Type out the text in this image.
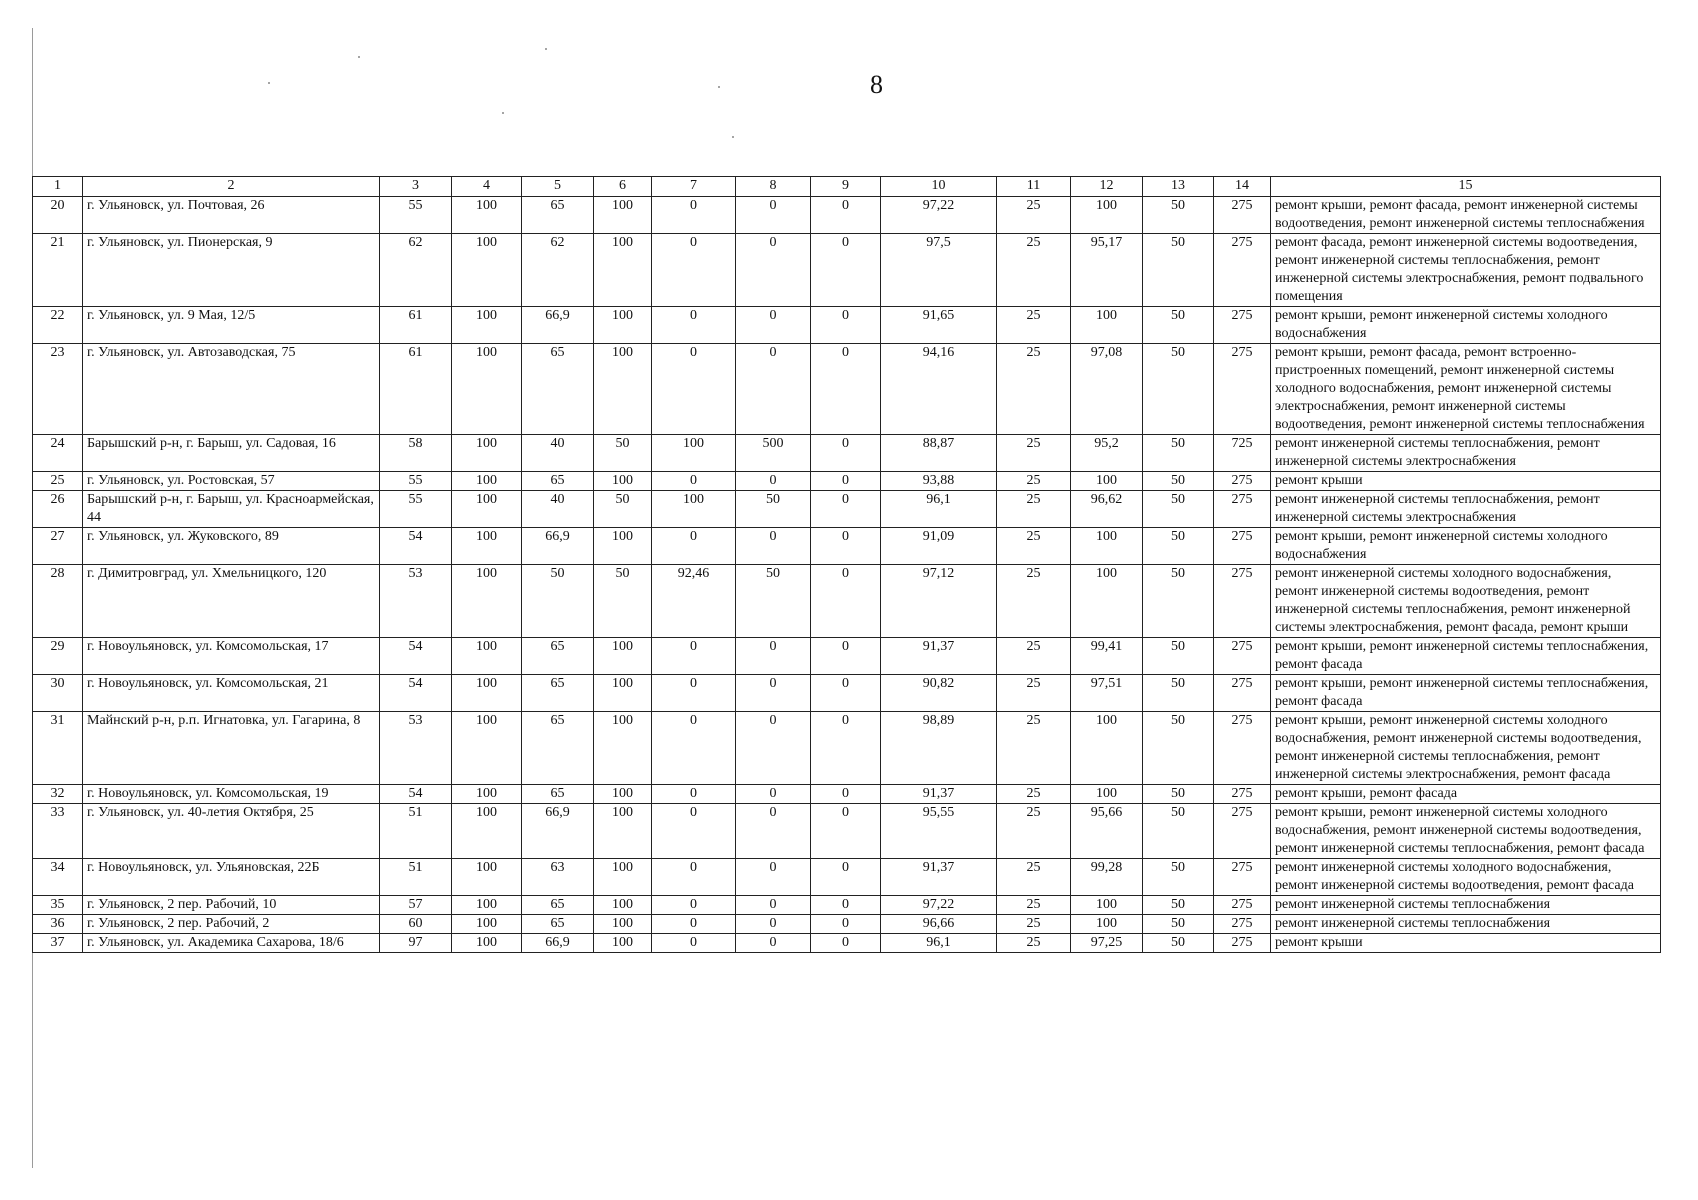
8
1	2	3	4	5	6	7	8	9	10	11	12	13	14	15
20	г. Ульяновск, ул. Почтовая, 26	55	100	65	100	0	0	0	97,22	25	100	50	275	ремонт крыши, ремонт фасада, ремонт инженерной системы водоотведения, ремонт инженерной системы теплоснабжения
21	г. Ульяновск, ул. Пионерская, 9	62	100	62	100	0	0	0	97,5	25	95,17	50	275	ремонт фасада, ремонт инженерной системы водоотведения, ремонт инженерной системы теплоснабжения, ремонт инженерной системы электроснабжения, ремонт подвального помещения
22	г. Ульяновск, ул. 9 Мая, 12/5	61	100	66,9	100	0	0	0	91,65	25	100	50	275	ремонт крыши, ремонт инженерной системы холодного водоснабжения
23	г. Ульяновск, ул. Автозаводская, 75	61	100	65	100	0	0	0	94,16	25	97,08	50	275	ремонт крыши, ремонт фасада, ремонт встроенно-пристроенных помещений, ремонт инженерной системы холодного водоснабжения, ремонт инженерной системы электроснабжения, ремонт инженерной системы водоотведения, ремонт инженерной системы теплоснабжения
24	Барышский р-н, г. Барыш, ул. Садовая, 16	58	100	40	50	100	500	0	88,87	25	95,2	50	725	ремонт инженерной системы теплоснабжения, ремонт инженерной системы электроснабжения
25	г. Ульяновск, ул. Ростовская, 57	55	100	65	100	0	0	0	93,88	25	100	50	275	ремонт крыши
26	Барышский р-н, г. Барыш, ул. Красноармейская, 44	55	100	40	50	100	50	0	96,1	25	96,62	50	275	ремонт инженерной системы теплоснабжения, ремонт инженерной системы электроснабжения
27	г. Ульяновск, ул. Жуковского, 89	54	100	66,9	100	0	0	0	91,09	25	100	50	275	ремонт крыши, ремонт инженерной системы холодного водоснабжения
28	г. Димитровград, ул. Хмельницкого, 120	53	100	50	50	92,46	50	0	97,12	25	100	50	275	ремонт инженерной системы холодного водоснабжения, ремонт инженерной системы водоотведения, ремонт инженерной системы теплоснабжения, ремонт инженерной системы электроснабжения, ремонт фасада, ремонт крыши
29	г. Новоульяновск, ул. Комсомольская, 17	54	100	65	100	0	0	0	91,37	25	99,41	50	275	ремонт крыши, ремонт инженерной системы теплоснабжения, ремонт фасада
30	г. Новоульяновск, ул. Комсомольская, 21	54	100	65	100	0	0	0	90,82	25	97,51	50	275	ремонт крыши, ремонт инженерной системы теплоснабжения, ремонт фасада
31	Майнский р-н, р.п. Игнатовка, ул. Гагарина, 8	53	100	65	100	0	0	0	98,89	25	100	50	275	ремонт крыши, ремонт инженерной системы холодного водоснабжения, ремонт инженерной системы водоотведения, ремонт инженерной системы теплоснабжения, ремонт инженерной системы электроснабжения, ремонт фасада
32	г. Новоульяновск, ул. Комсомольская, 19	54	100	65	100	0	0	0	91,37	25	100	50	275	ремонт крыши, ремонт фасада
33	г. Ульяновск, ул. 40-летия Октября, 25	51	100	66,9	100	0	0	0	95,55	25	95,66	50	275	ремонт крыши, ремонт инженерной системы холодного водоснабжения, ремонт инженерной системы водоотведения, ремонт инженерной системы теплоснабжения, ремонт фасада
34	г. Новоульяновск, ул. Ульяновская, 22Б	51	100	63	100	0	0	0	91,37	25	99,28	50	275	ремонт инженерной системы холодного водоснабжения, ремонт инженерной системы водоотведения, ремонт фасада
35	г. Ульяновск, 2 пер. Рабочий, 10	57	100	65	100	0	0	0	97,22	25	100	50	275	ремонт инженерной системы теплоснабжения
36	г. Ульяновск, 2 пер. Рабочий, 2	60	100	65	100	0	0	0	96,66	25	100	50	275	ремонт инженерной системы теплоснабжения
37	г. Ульяновск, ул. Академика Сахарова, 18/6	97	100	66,9	100	0	0	0	96,1	25	97,25	50	275	ремонт крыши
